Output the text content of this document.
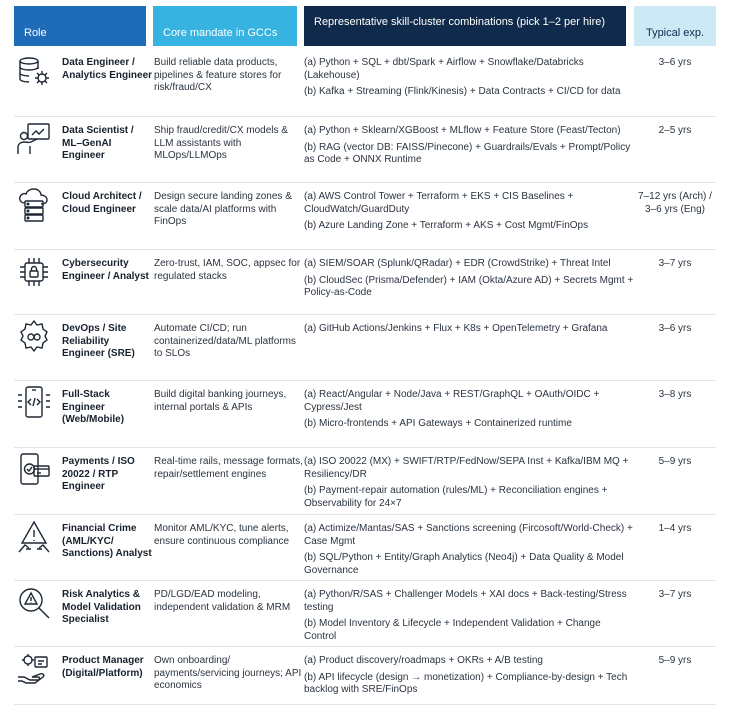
Role	Core mandate in GCCs
Representative skill-cluster combinations (pick 1–2 per hire)
Typical exp.
Data Engineer / Analytics Engineer
Build reliable data products, pipelines & feature stores for risk/fraud/CX
(a) Python + SQL + dbt/Spark + Airflow + Snowflake/Databricks (Lakehouse)
(b) Kafka + Streaming (Flink/Kinesis) + Data Contracts + CI/CD for data
3–6 yrs
Data Scientist / ML–GenAI Engineer
Ship fraud/credit/CX models & LLM assistants with MLOps/LLMOps
(a) Python + Sklearn/XGBoost + MLflow + Feature Store (Feast/Tecton)
(b) RAG (vector DB: FAISS/Pinecone) + Guardrails/Evals + Prompt/Policy as Code + ONNX Runtime
2–5 yrs
Cloud Architect / Cloud Engineer
Design secure landing zones & scale data/AI platforms with FinOps
(a) AWS Control Tower + Terraform + EKS + CIS Baselines + CloudWatch/GuardDuty
(b) Azure Landing Zone + Terraform + AKS + Cost Mgmt/FinOps
7–12 yrs (Arch) / 3–6 yrs (Eng)
Cybersecurity Engineer / Analyst
Zero-trust, IAM, SOC, appsec for regulated stacks
(a) SIEM/SOAR (Splunk/QRadar) + EDR (CrowdStrike) + Threat Intel
(b) CloudSec (Prisma/Defender) + IAM (Okta/Azure AD) + Secrets Mgmt + Policy-as-Code
3–7 yrs
DevOps / Site Reliability Engineer (SRE)
Automate CI/CD; run containerized/data/ML platforms to SLOs
(a) GitHub Actions/Jenkins + Flux + K8s + OpenTelemetry + Grafana	3–6 yrs
Full-Stack Engineer (Web/Mobile)
Build digital banking journeys, internal portals & APIs
(a) React/Angular + Node/Java + REST/GraphQL + OAuth/OIDC + Cypress/Jest
(b) Micro-frontends + API Gateways + Containerized runtime
3–8 yrs
Payments / ISO 20022 / RTP Engineer
Real-time rails, message formats, repair/settlement engines
(a) ISO 20022 (MX) + SWIFT/RTP/FedNow/SEPA Inst + Kafka/IBM MQ + Resiliency/DR
(b) Payment-repair automation (rules/ML) + Reconciliation engines + Observability for 24×7
5–9 yrs
Financial Crime (AML/KYC/ Sanctions) Analyst
Monitor AML/KYC, tune alerts, ensure continuous compliance
(a) Actimize/Mantas/SAS + Sanctions screening (Fircosoft/World-Check) + Case Mgmt
(b) SQL/Python + Entity/Graph Analytics (Neo4j) + Data Quality & Model Governance
1–4 yrs
Risk Analytics & Model Validation Specialist
PD/LGD/EAD modeling, independent validation & MRM
(a) Python/R/SAS + Challenger Models + XAI docs + Back-testing/Stress testing
(b) Model Inventory & Lifecycle + Independent Validation + Change Control
3–7 yrs
Product Manager (Digital/Platform)
Own onboarding/ payments/servicing journeys; API economics
(a) Product discovery/roadmaps + OKRs + A/B testing
(b) API lifecycle (design → monetization) + Compliance-by-design + Tech backlog with SRE/FinOps
5–9 yrs
